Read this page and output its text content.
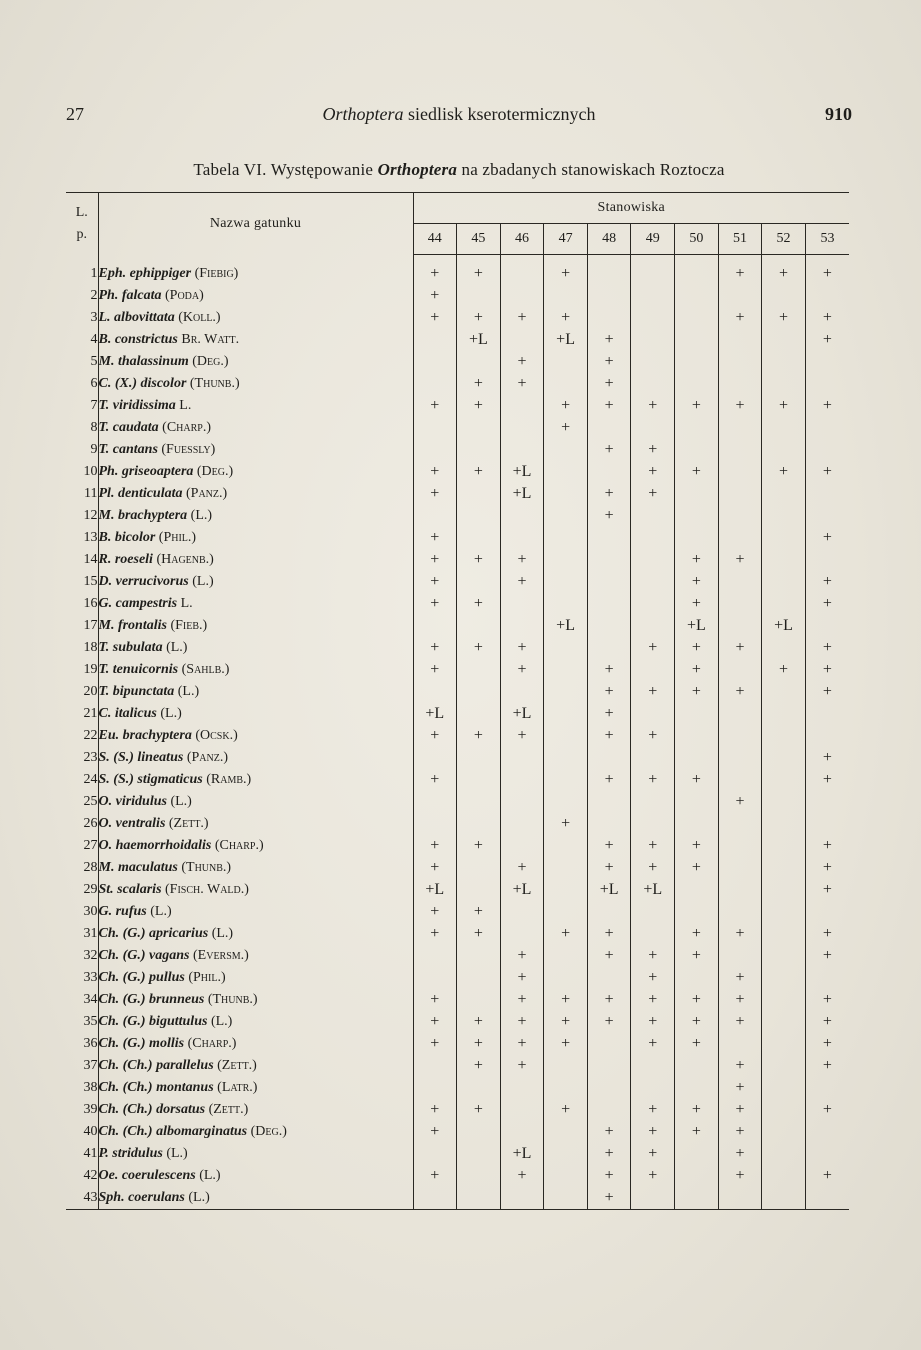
27	Orthoptera siedlisk kserotermicznych	910
Tabela VI. Występowanie Orthoptera na zbadanych stanowiskach Roztocza
L.
p.	Nazwa gatunku	Stanowiska									
		44	45	46	47	48	49	50	51	52	53
1	Eph. ephippiger (Fiebig)	+	+		+				+	+	+
2	Ph. falcata (Poda)	+									
3	L. albovittata (Koll.)	+	+	+	+				+	+	+
4	B. constrictus Br. Watt.		+L		+L	+					+
5	M. thalassinum (Deg.)			+		+					
6	C. (X.) discolor (Thunb.)		+	+		+					
7	T. viridissima L.	+	+		+	+	+	+	+	+	+
8	T. caudata (Charp.)				+						
9	T. cantans (Fuessly)					+	+				
10	Ph. griseoaptera (Deg.)	+	+	+L			+	+		+	+
11	Pl. denticulata (Panz.)	+		+L		+	+				
12	M. brachyptera (L.)					+					
13	B. bicolor (Phil.)	+									+
14	R. roeseli (Hagenb.)	+	+	+				+	+		
15	D. verrucivorus (L.)	+		+				+			+
16	G. campestris L.	+	+					+			+
17	M. frontalis (Fieb.)				+L			+L		+L	
18	T. subulata (L.)	+	+	+			+	+	+		+
19	T. tenuicornis (Sahlb.)	+		+		+		+		+	+
20	T. bipunctata (L.)					+	+	+	+		+
21	C. italicus (L.)	+L		+L		+					
22	Eu. brachyptera (Ocsk.)	+	+	+		+	+				
23	S. (S.) lineatus (Panz.)										+
24	S. (S.) stigmaticus (Ramb.)	+				+	+	+			+
25	O. viridulus (L.)								+		
26	O. ventralis (Zett.)				+						
27	O. haemorrhoidalis (Charp.)	+	+			+	+	+			+
28	M. maculatus (Thunb.)	+		+		+	+	+			+
29	St. scalaris (Fisch. Wald.)	+L		+L		+L	+L				+
30	G. rufus (L.)	+	+								
31	Ch. (G.) apricarius (L.)	+	+		+	+		+	+		+
32	Ch. (G.) vagans (Eversm.)			+		+	+	+			+
33	Ch. (G.) pullus (Phil.)			+			+		+		
34	Ch. (G.) brunneus (Thunb.)	+		+	+	+	+	+	+		+
35	Ch. (G.) biguttulus (L.)	+	+	+	+	+	+	+	+		+
36	Ch. (G.) mollis (Charp.)	+	+	+	+		+	+			+
37	Ch. (Ch.) parallelus (Zett.)		+	+					+		+
38	Ch. (Ch.) montanus (Latr.)								+		
39	Ch. (Ch.) dorsatus (Zett.)	+	+		+		+	+	+		+
40	Ch. (Ch.) albomarginatus (Deg.)	+				+	+	+	+		
41	P. stridulus (L.)			+L		+	+		+		
42	Oe. coerulescens (L.)	+		+		+	+		+		+
43	Sph. coerulans (L.)					+					
